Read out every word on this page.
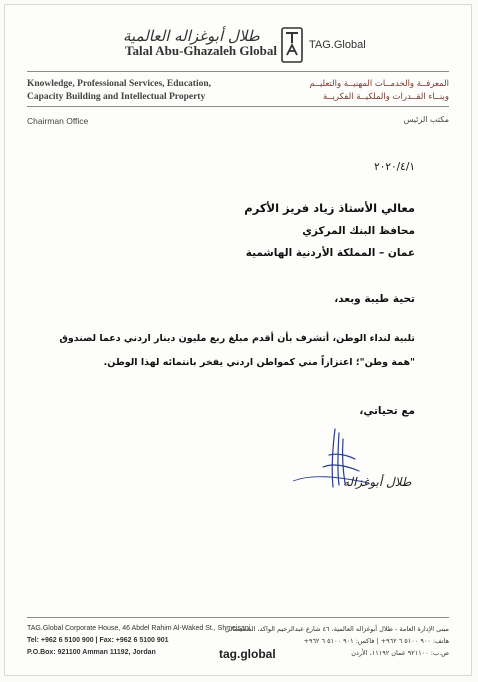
طلال أبوغزاله العالمية
Talal Abu-Ghazaleh Global	TAG.Global
Knowledge, Professional Services, Education,
Capacity Building and Intellectual Property
المعرفــة والخدمــات المهنيــة والتعليــم
وبنــاء القــدرات والملكيــة الفكريــة
Chairman Office	مكتب الرئيس
٢٠٢٠/٤/١
معالي الأستاذ زياد فريز الأكرم
محافظ البنك المركزي
عمان – المملكة الأردنية الهاشمية
تحية طيبة وبعد،
تلبية لنداء الوطن، أتشرف بأن أقدم مبلغ ربع مليون دينار اردني دعما لصندوق
"همة وطن"؛ اعتزازاً مني كمواطن اردني يفخر بانتمائه لهذا الوطن.
مع تحياتي،
طلال أبوغزاله
TAG.Global Corporate House, 46 Abdel Rahim Al-Waked St., Shmeisani
Tel: +962 6 5100 900 | Fax: +962 6 5100 901
P.O.Box: 921100 Amman 11192, Jordan	tag.global
مبنى الإدارة العامة - طلال أبوغزاله العالمية، ٤٦ شارع عبدالرحيم الواكد، الشميساني
هاتف: ٩٠٠ ٥١٠٠ ٦ ٩٦٢+ | فاكس: ٩٠١ ٥١٠٠ ٦ ٩٦٢+
ص.ب: ٩٢١١٠٠ عمان ١١١٩٢، الأردن
